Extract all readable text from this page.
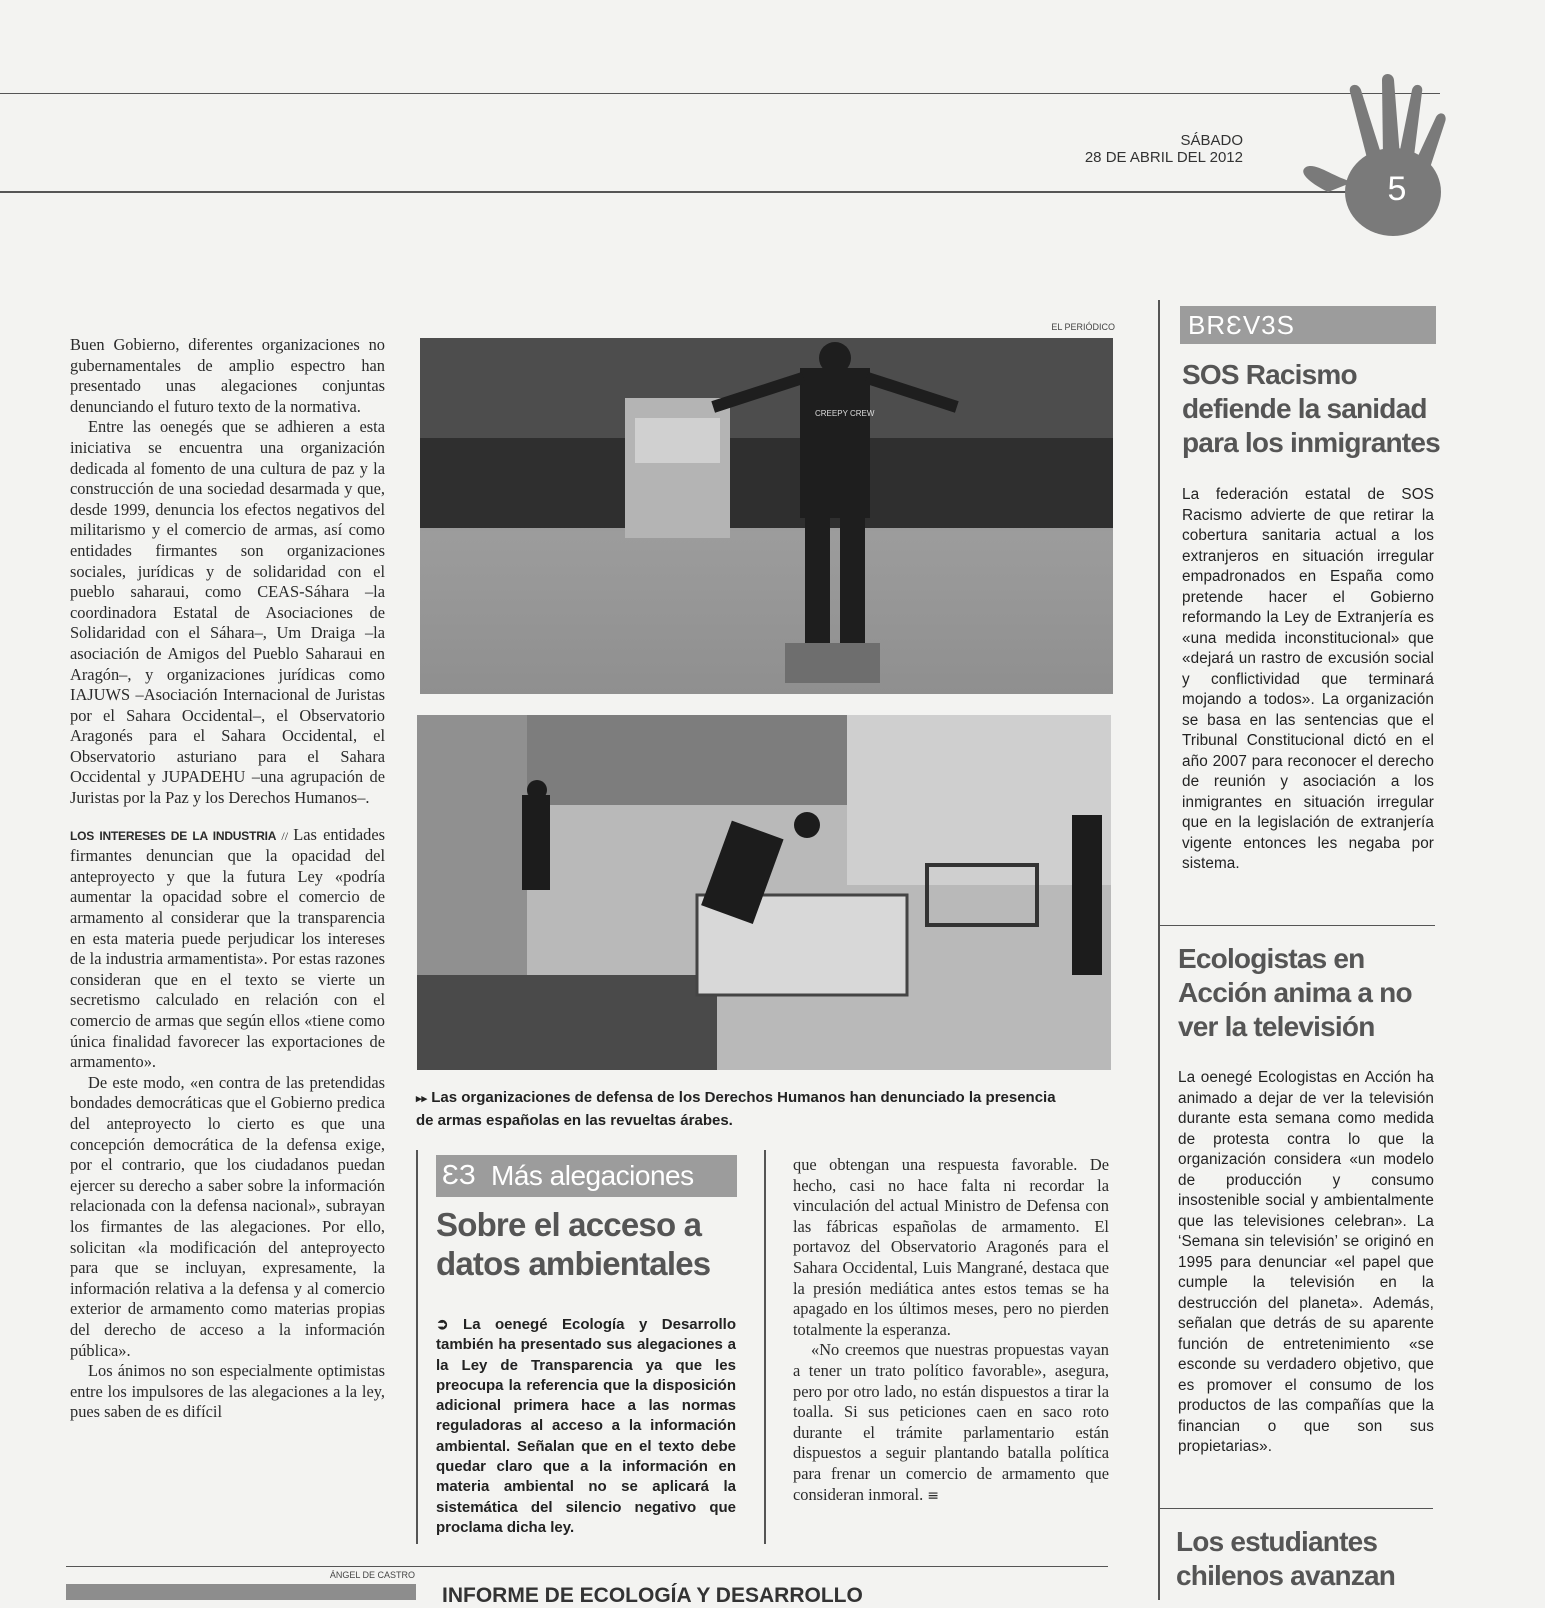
5
SÁBADO
28 DE ABRIL DEL 2012

Buen Gobierno, diferentes organizaciones no gubernamentales de amplio espectro han presentado unas alegaciones conjuntas denunciando el futuro texto de la normativa.

Entre las oenegés que se adhieren a esta iniciativa se encuentra una organización dedicada al fomento de una cultura de paz y la construcción de una sociedad desarmada y que, desde 1999, denuncia los efectos negativos del militarismo y el comercio de armas, así como entidades firmantes son organizaciones sociales, jurídicas y de solidaridad con el pueblo saharaui, como CEAS-Sáhara –la coordinadora Estatal de Asociaciones de Solidaridad con el Sáhara–, Um Draiga –la asociación de Amigos del Pueblo Saharaui en Aragón–, y organizaciones jurídicas como IAJUWS –Asociación Internacional de Juristas por el Sahara Occidental–, el Observatorio Aragonés para el Sahara Occidental, el Observatorio asturiano para el Sahara Occidental y JUPADEHU –una agrupación de Juristas por la Paz y los Derechos Humanos–.

LOS INTERESES DE LA INDUSTRIA // Las entidades firmantes denuncian que la opacidad del anteproyecto y que la futura Ley «podría aumentar la opacidad sobre el comercio de armamento al considerar que la transparencia en esta materia puede perjudicar los intereses de la industria armamentista». Por estas razones consideran que en el texto se vierte un secretismo calculado en relación con el comercio de armas que según ellos «tiene como única finalidad favorecer las exportaciones de armamento».

De este modo, «en contra de las pretendidas bondades democráticas que el Gobierno predica del anteproyecto lo cierto es que una concepción democrática de la defensa exige, por el contrario, que los ciudadanos puedan ejercer su derecho a saber sobre la información relacionada con la defensa nacional», subrayan los firmantes de las alegaciones. Por ello, solicitan «la modificación del anteproyecto para que se incluyan, expresamente, la información relativa a la defensa y al comercio exterior de armamento como materias propias del derecho de acceso a la información pública».

Los ánimos no son especialmente optimistas entre los impulsores de las alegaciones a la ley, pues saben de es difícil

EL PERIÓDICO
CREEPY CREW
▸▸ Las organizaciones de defensa de los Derechos Humanos han denunciado la presencia de armas españolas en las revueltas árabes.
ƐЗ Más alegaciones
Sobre el acceso a datos ambientales
➲ La oenegé Ecología y Desarrollo también ha presentado sus alegaciones a la Ley de Transparencia ya que les preocupa la referencia que la disposición adicional primera hace a las normas reguladoras al acceso a la información ambiental. Señalan que en el texto debe quedar claro que a la información en materia ambiental no se aplicará la sistemática del silencio negativo que proclama dicha ley.

que obtengan una respuesta favorable. De hecho, casi no hace falta ni recordar la vinculación del actual Ministro de Defensa con las fábricas españolas de armamento. El portavoz del Observatorio Aragonés para el Sahara Occidental, Luis Mangrané, destaca que la presión mediática antes estos temas se ha apagado en los últimos meses, pero no pierden totalmente la esperanza.

«No creemos que nuestras propuestas vayan a tener un trato político favorable», asegura, pero por otro lado, no están dispuestos a tirar la toalla. Si sus peticiones caen en saco roto durante el trámite parlamentario están dispuestos a seguir plantando batalla política para frenar un comercio de armamento que consideran inmoral. ≡

BRƐV3S
SOS Racismo defiende la sanidad para los inmigrantes
La federación estatal de SOS Racismo advierte de que retirar la cobertura sanitaria actual a los extranjeros en situación irregular empadronados en España como pretende hacer el Gobierno reformando la Ley de Extranjería es «una medida inconstitucional» que «dejará un rastro de excusión social y conflictividad que terminará mojando a todos». La organización se basa en las sentencias que el Tribunal Constitucional dictó en el año 2007 para reconocer el derecho de reunión y asociación a los inmigrantes en situación irregular que en la legislación de extranjería vigente entonces les negaba por sistema.
Ecologistas en Acción anima a no ver la televisión
La oenegé Ecologistas en Acción ha animado a dejar de ver la televisión durante esta semana como medida de protesta contra lo que la organización considera «un modelo de producción y consumo insostenible social y ambientalmente que las televisiones celebran». La ‘Semana sin televisión’ se originó en 1995 para denunciar «el papel que cumple la televisión en la destrucción del planeta». Además, señalan que detrás de su aparente función de entretenimiento «se esconde su verdadero objetivo, que es promover el consumo de los productos de las compañías que la financian o que son sus propietarias».
Los estudiantes chilenos avanzan
ÁNGEL DE CASTRO
INFORME DE ECOLOGÍA Y DESARROLLO
